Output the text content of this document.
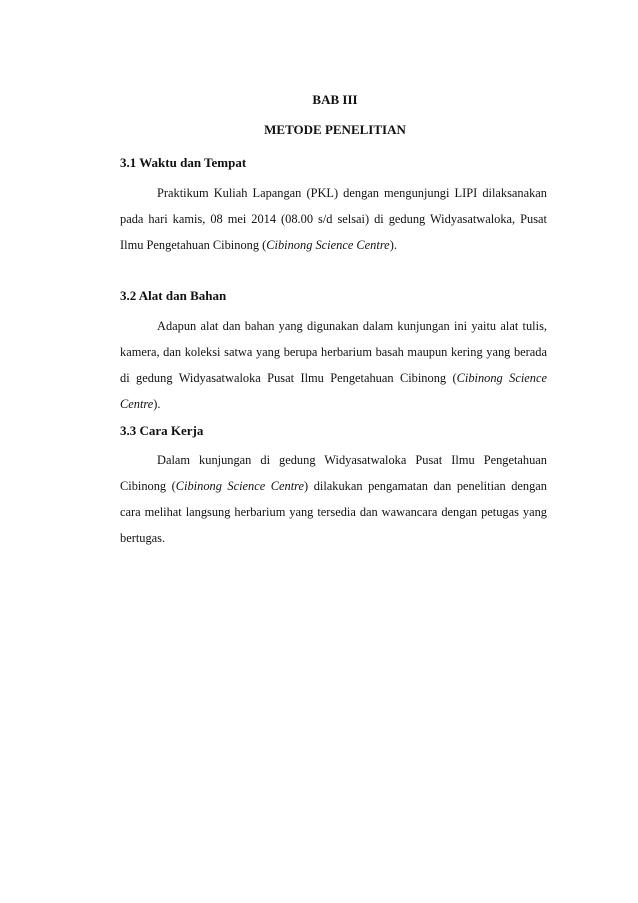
BAB III
METODE PENELITIAN
3.1 Waktu dan Tempat

Praktikum Kuliah Lapangan (PKL) dengan mengunjungi LIPI dilaksanakan pada hari kamis, 08 mei 2014 (08.00 s/d selsai) di gedung Widyasatwaloka, Pusat Ilmu Pengetahuan Cibinong (Cibinong Science Centre).

3.2 Alat dan Bahan

Adapun alat dan bahan yang digunakan dalam kunjungan ini yaitu alat tulis, kamera, dan koleksi satwa yang berupa herbarium basah maupun kering yang berada di gedung Widyasatwaloka Pusat Ilmu Pengetahuan Cibinong (Cibinong Science Centre).

3.3 Cara Kerja

Dalam kunjungan di gedung Widyasatwaloka Pusat Ilmu Pengetahuan Cibinong (Cibinong Science Centre) dilakukan pengamatan dan penelitian dengan cara melihat langsung herbarium yang tersedia dan wawancara dengan petugas yang bertugas.
